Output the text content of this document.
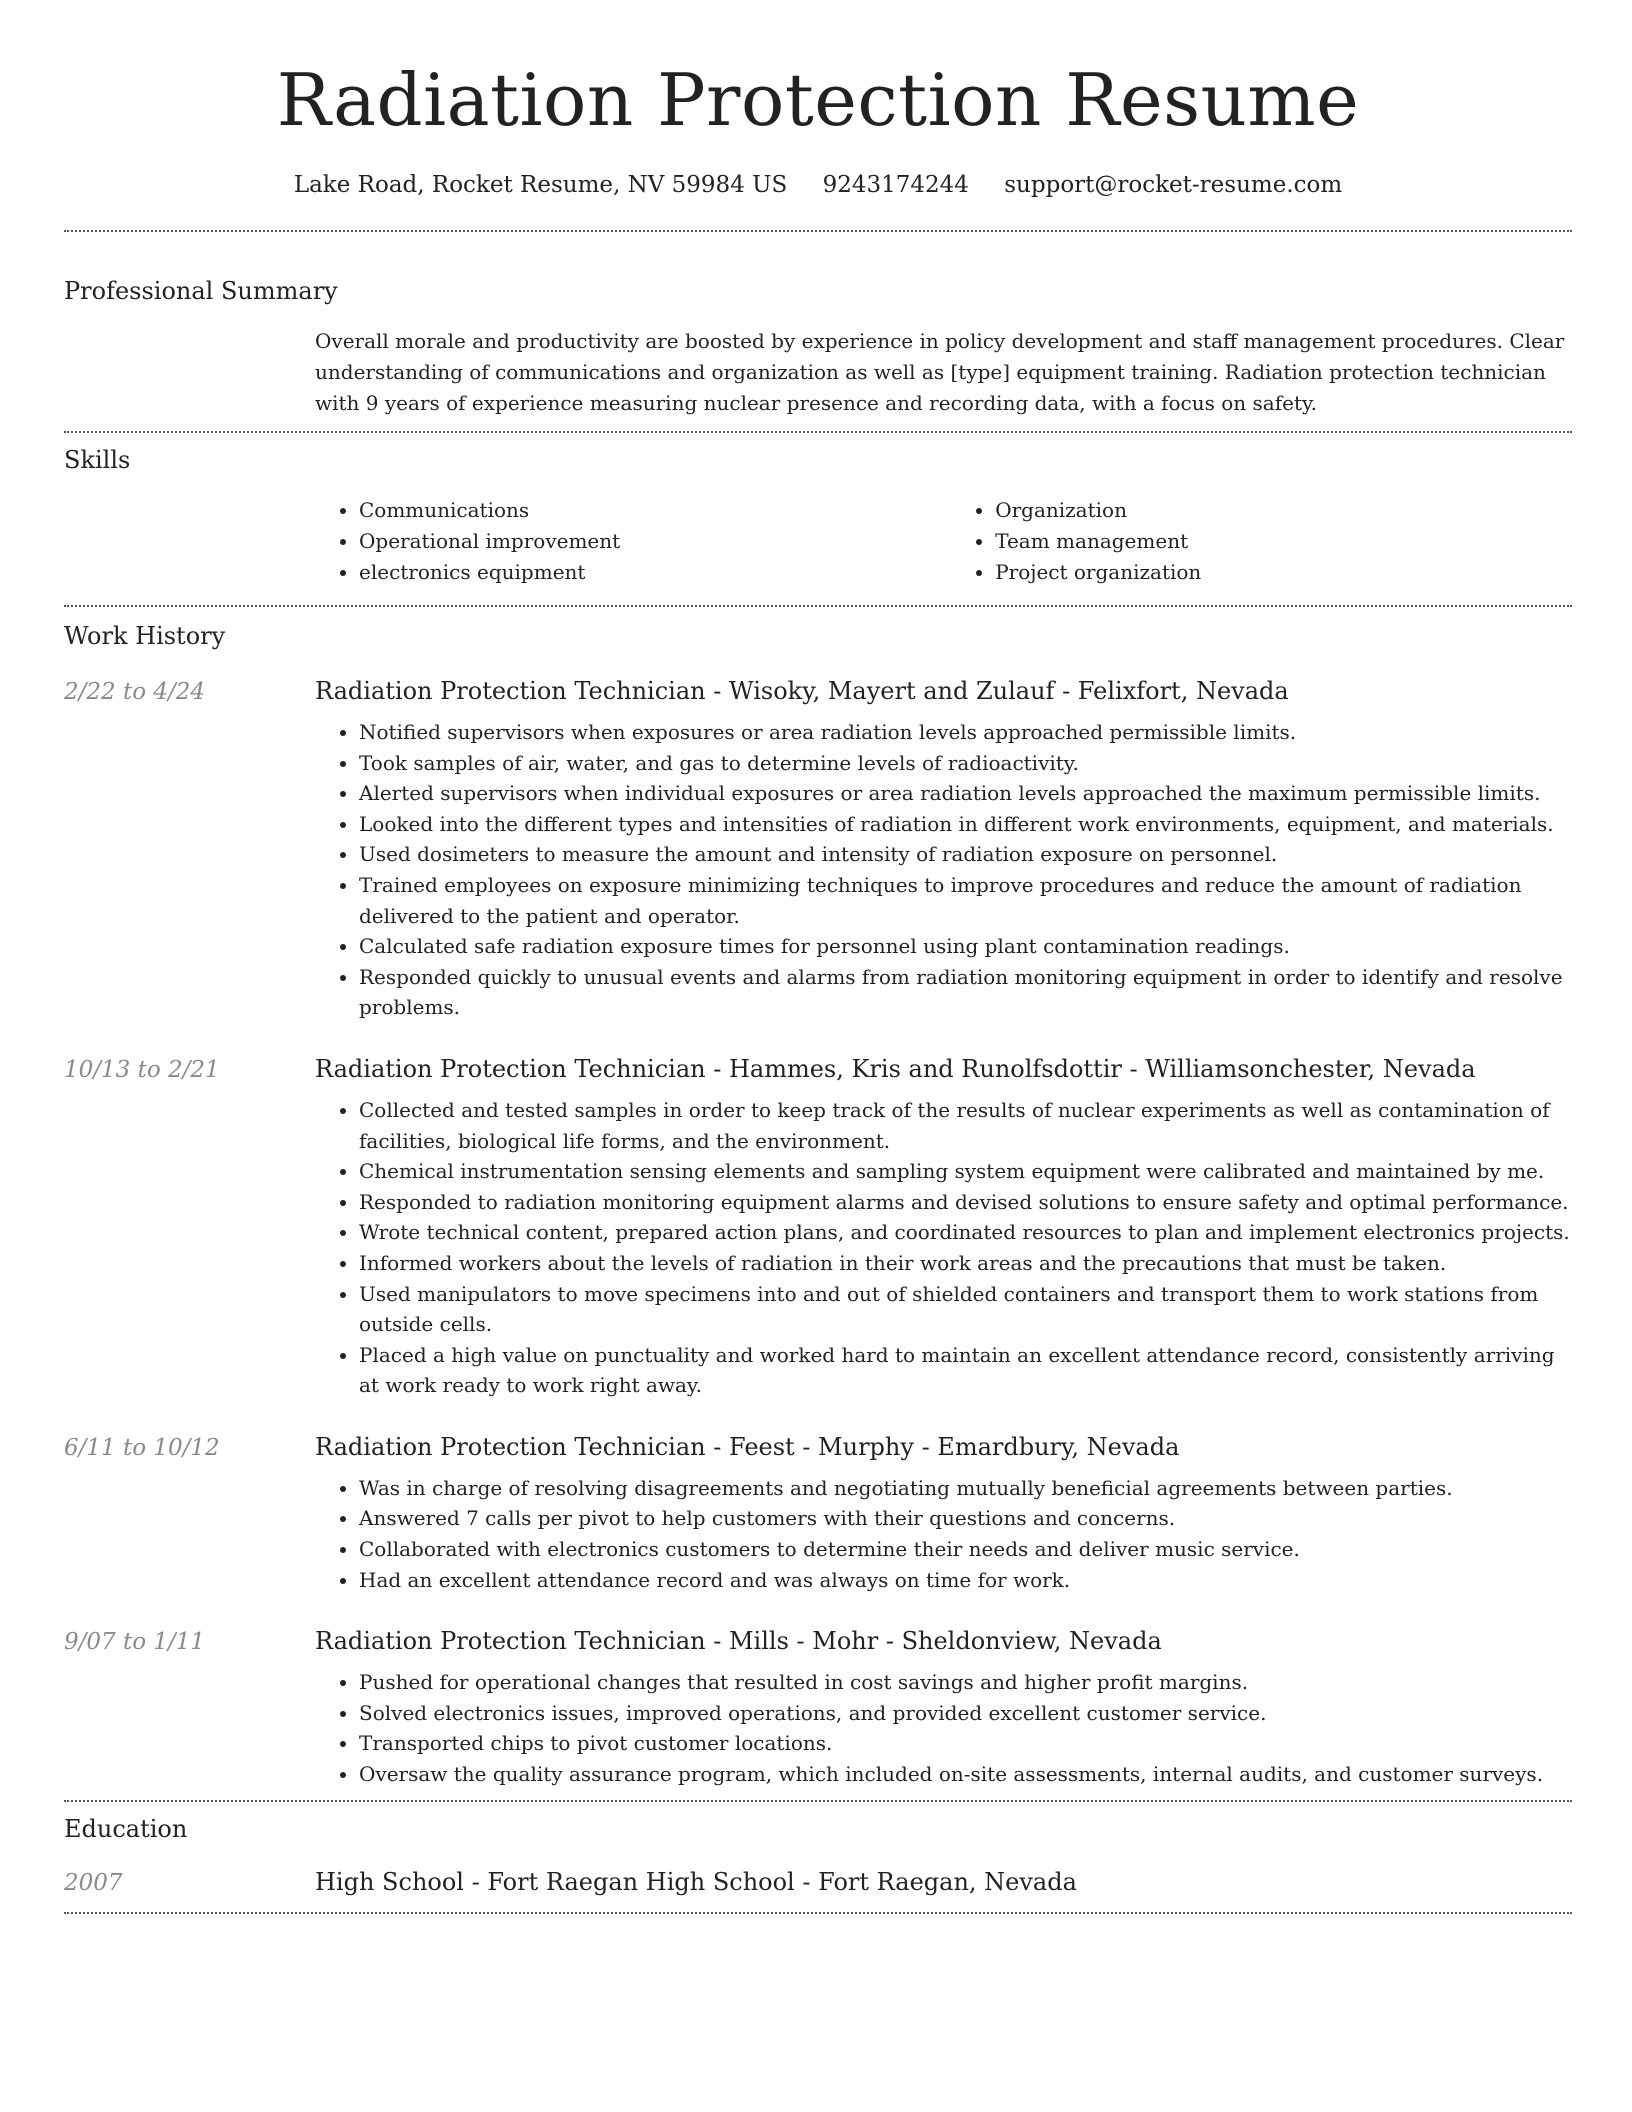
Radiation Protection Resume
Lake Road, Rocket Resume, NV 59984 US 9243174244 support@rocket-resume.com
Professional Summary
Overall morale and productivity are boosted by experience in policy development and staff management procedures. Clear understanding of communications and organization as well as [type] equipment training. Radiation protection technician with 9 years of experience measuring nuclear presence and recording data, with a focus on safety.
Skills
• Communications
• Operational improvement
• electronics equipment
• Organization
• Team management
• Project organization
Work History
2/22 to 4/24	Radiation Protection Technician - Wisoky, Mayert and Zulauf - Felixfort, Nevada
• Notified supervisors when exposures or area radiation levels approached permissible limits.
• Took samples of air, water, and gas to determine levels of radioactivity.
• Alerted supervisors when individual exposures or area radiation levels approached the maximum permissible limits.
• Looked into the different types and intensities of radiation in different work environments, equipment, and materials.
• Used dosimeters to measure the amount and intensity of radiation exposure on personnel.
• Trained employees on exposure minimizing techniques to improve procedures and reduce the amount of radiation delivered to the patient and operator.
• Calculated safe radiation exposure times for personnel using plant contamination readings.
• Responded quickly to unusual events and alarms from radiation monitoring equipment in order to identify and resolve problems.
10/13 to 2/21	Radiation Protection Technician - Hammes, Kris and Runolfsdottir - Williamsonchester, Nevada
• Collected and tested samples in order to keep track of the results of nuclear experiments as well as contamination of facilities, biological life forms, and the environment.
• Chemical instrumentation sensing elements and sampling system equipment were calibrated and maintained by me.
• Responded to radiation monitoring equipment alarms and devised solutions to ensure safety and optimal performance.
• Wrote technical content, prepared action plans, and coordinated resources to plan and implement electronics projects.
• Informed workers about the levels of radiation in their work areas and the precautions that must be taken.
• Used manipulators to move specimens into and out of shielded containers and transport them to work stations from outside cells.
• Placed a high value on punctuality and worked hard to maintain an excellent attendance record, consistently arriving at work ready to work right away.
6/11 to 10/12	Radiation Protection Technician - Feest - Murphy - Emardbury, Nevada
• Was in charge of resolving disagreements and negotiating mutually beneficial agreements between parties.
• Answered 7 calls per pivot to help customers with their questions and concerns.
• Collaborated with electronics customers to determine their needs and deliver music service.
• Had an excellent attendance record and was always on time for work.
9/07 to 1/11	Radiation Protection Technician - Mills - Mohr - Sheldonview, Nevada
• Pushed for operational changes that resulted in cost savings and higher profit margins.
• Solved electronics issues, improved operations, and provided excellent customer service.
• Transported chips to pivot customer locations.
• Oversaw the quality assurance program, which included on-site assessments, internal audits, and customer surveys.
Education
2007	High School - Fort Raegan High School - Fort Raegan, Nevada
